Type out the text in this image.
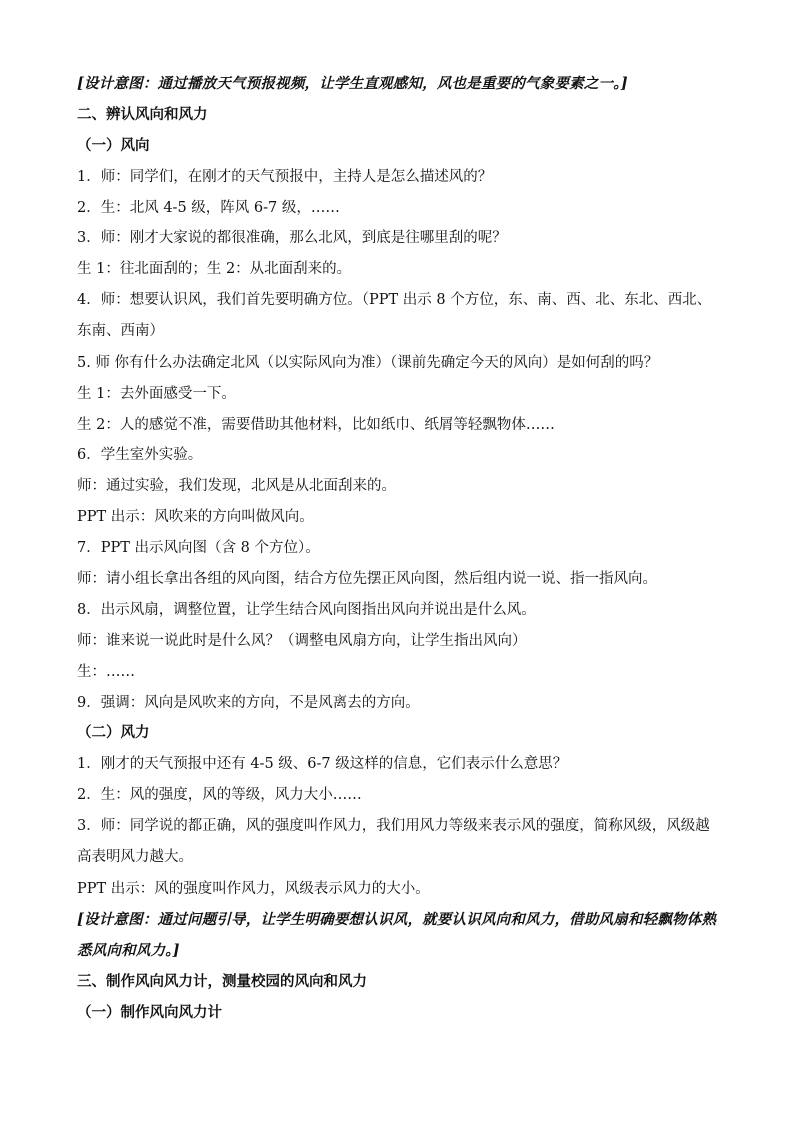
[设计意图：通过播放天气预报视频，让学生直观感知，风也是重要的气象要素之一。]
二、辨认风向和风力
（一）风向
1．师：同学们，在刚才的天气预报中，主持人是怎么描述风的？
2．生：北风 4-5 级，阵风 6-7 级，……
3．师：刚才大家说的都很准确，那么北风，到底是往哪里刮的呢？
生 1：往北面刮的；生 2：从北面刮来的。
4．师：想要认识风，我们首先要明确方位。（PPT 出示 8 个方位，东、南、西、北、东北、西北、东南、西南）
5. 师 你有什么办法确定北风（以实际风向为准）（课前先确定今天的风向）是如何刮的吗？
生 1：去外面感受一下。
生 2：人的感觉不准，需要借助其他材料，比如纸巾、纸屑等轻飘物体……
6．学生室外实验。
师：通过实验，我们发现，北风是从北面刮来的。
PPT 出示：风吹来的方向叫做风向。
7．PPT 出示风向图（含 8 个方位）。
师：请小组长拿出各组的风向图，结合方位先摆正风向图，然后组内说一说、指一指风向。
8．出示风扇，调整位置，让学生结合风向图指出风向并说出是什么风。
师：谁来说一说此时是什么风？（调整电风扇方向，让学生指出风向）
生：……
9．强调：风向是风吹来的方向，不是风离去的方向。
（二）风力
1．刚才的天气预报中还有 4-5 级、6-7 级这样的信息，它们表示什么意思？
2．生：风的强度，风的等级，风力大小……
3．师：同学说的都正确，风的强度叫作风力，我们用风力等级来表示风的强度，简称风级，风级越高表明风力越大。
PPT 出示：风的强度叫作风力，风级表示风力的大小。
[设计意图：通过问题引导，让学生明确要想认识风，就要认识风向和风力，借助风扇和轻飘物体熟悉风向和风力。]
三、制作风向风力计，测量校园的风向和风力
（一）制作风向风力计
